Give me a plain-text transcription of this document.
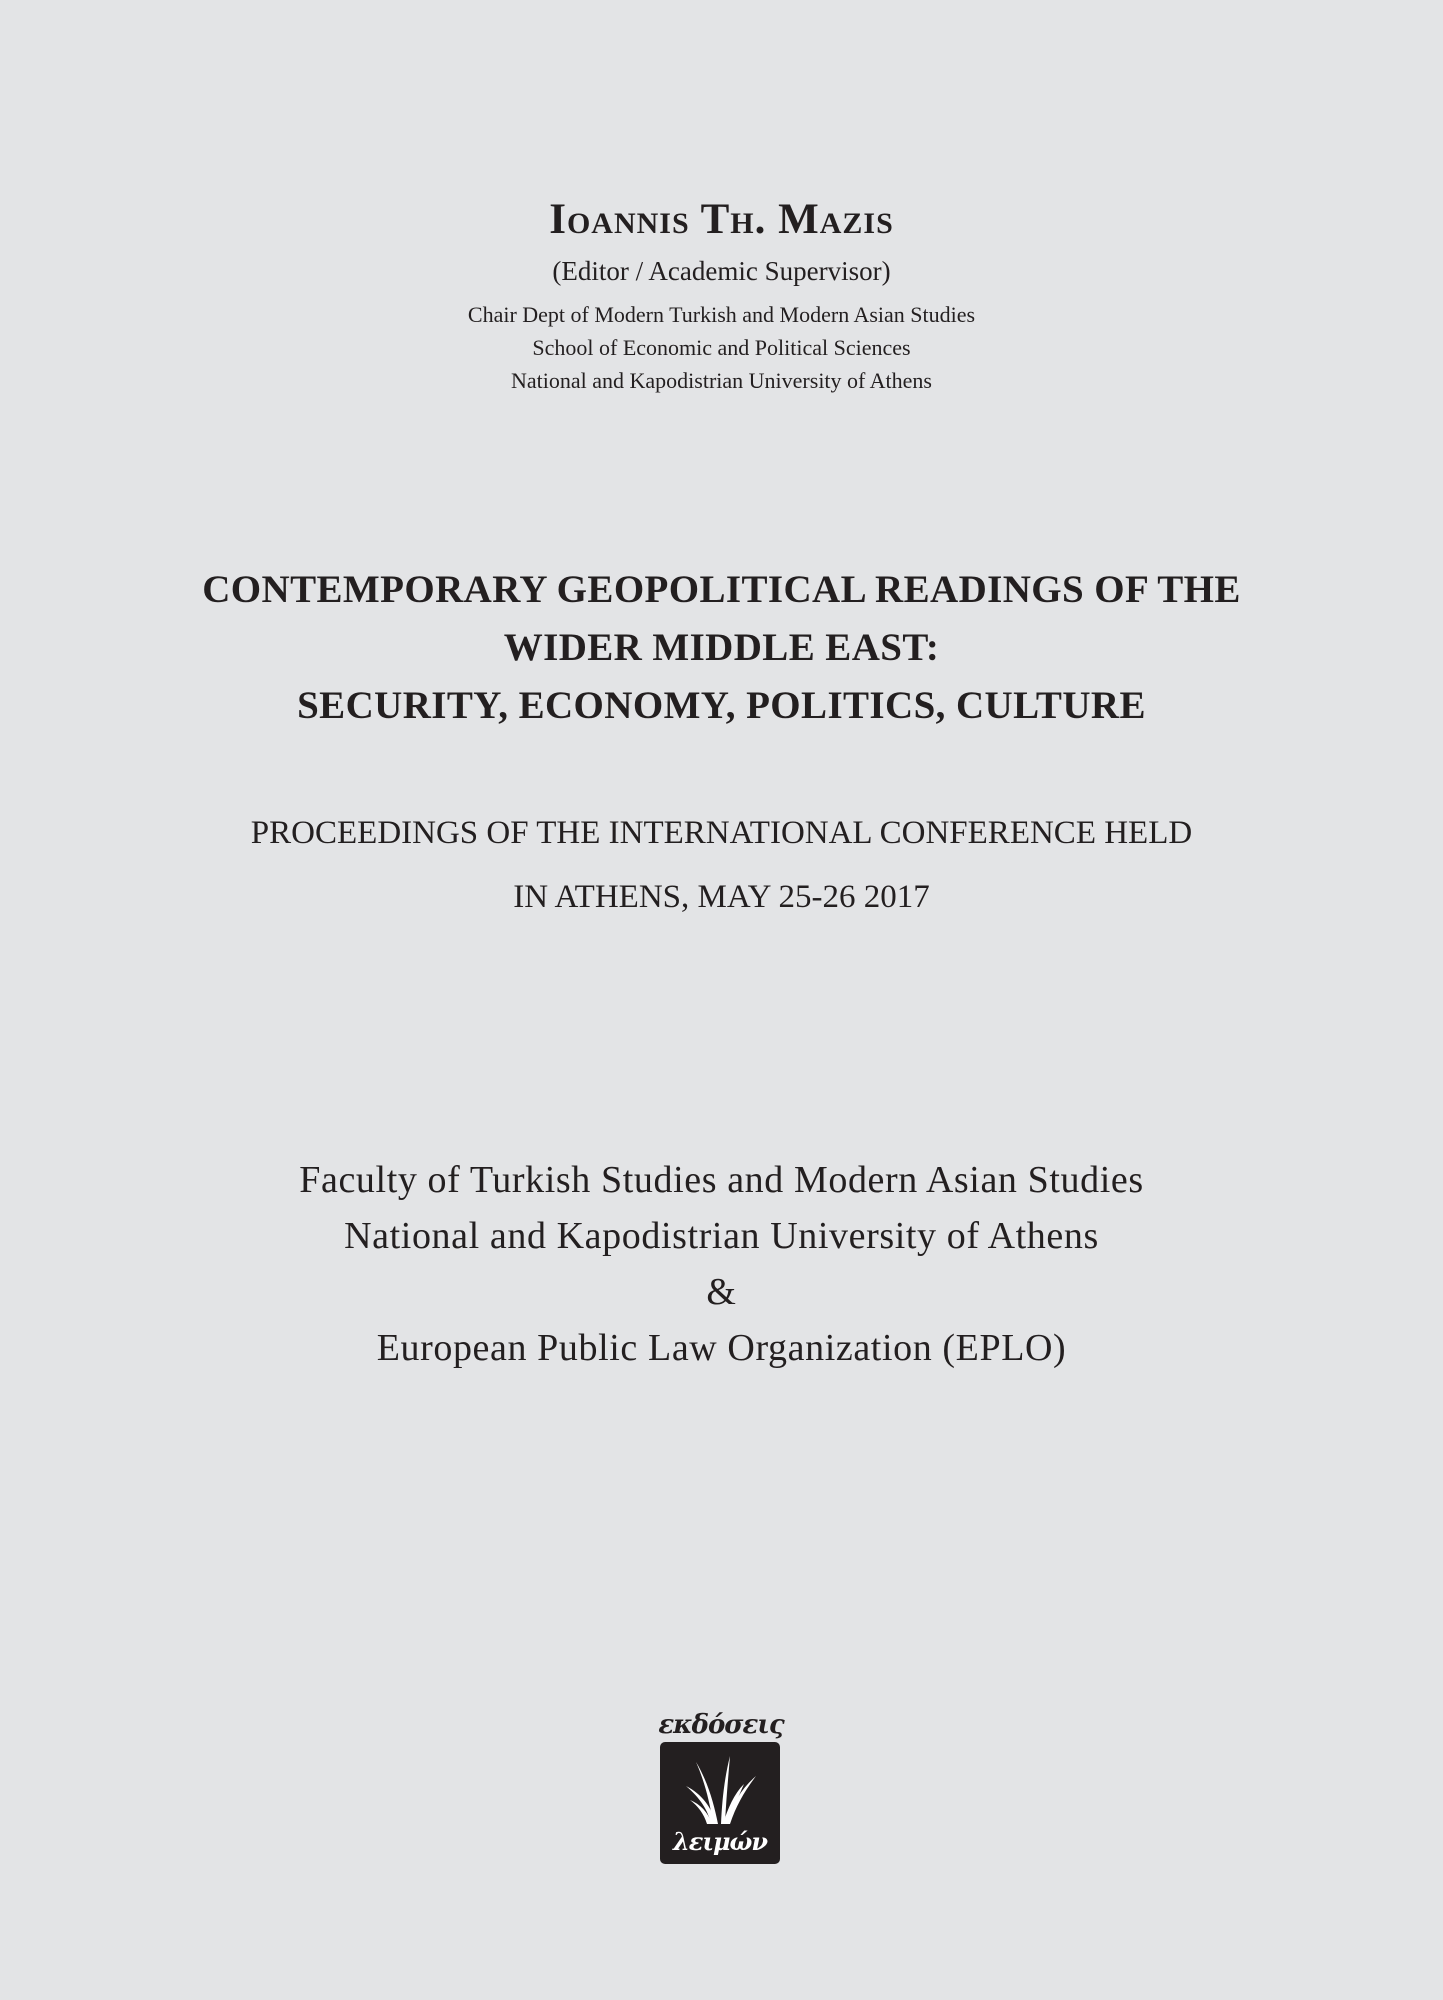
Ioannis Th. Mazis
(Editor / Academic Supervisor)
Chair Dept of Modern Turkish and Modern Asian Studies
School of Economic and Political Sciences
National and Kapodistrian University of Athens
CONTEMPORARY GEOPOLITICAL READINGS OF THE
WIDER MIDDLE EAST:
SECURITY, ECONOMY, POLITICS, CULTURE
PROCEEDINGS OF THE INTERNATIONAL CONFERENCE HELD
IN ATHENS, MAY 25-26 2017
Faculty of Turkish Studies and Modern Asian Studies
National and Kapodistrian University of Athens
&
European Public Law Organization (EPLO)
εκδόσεις
λειμών
